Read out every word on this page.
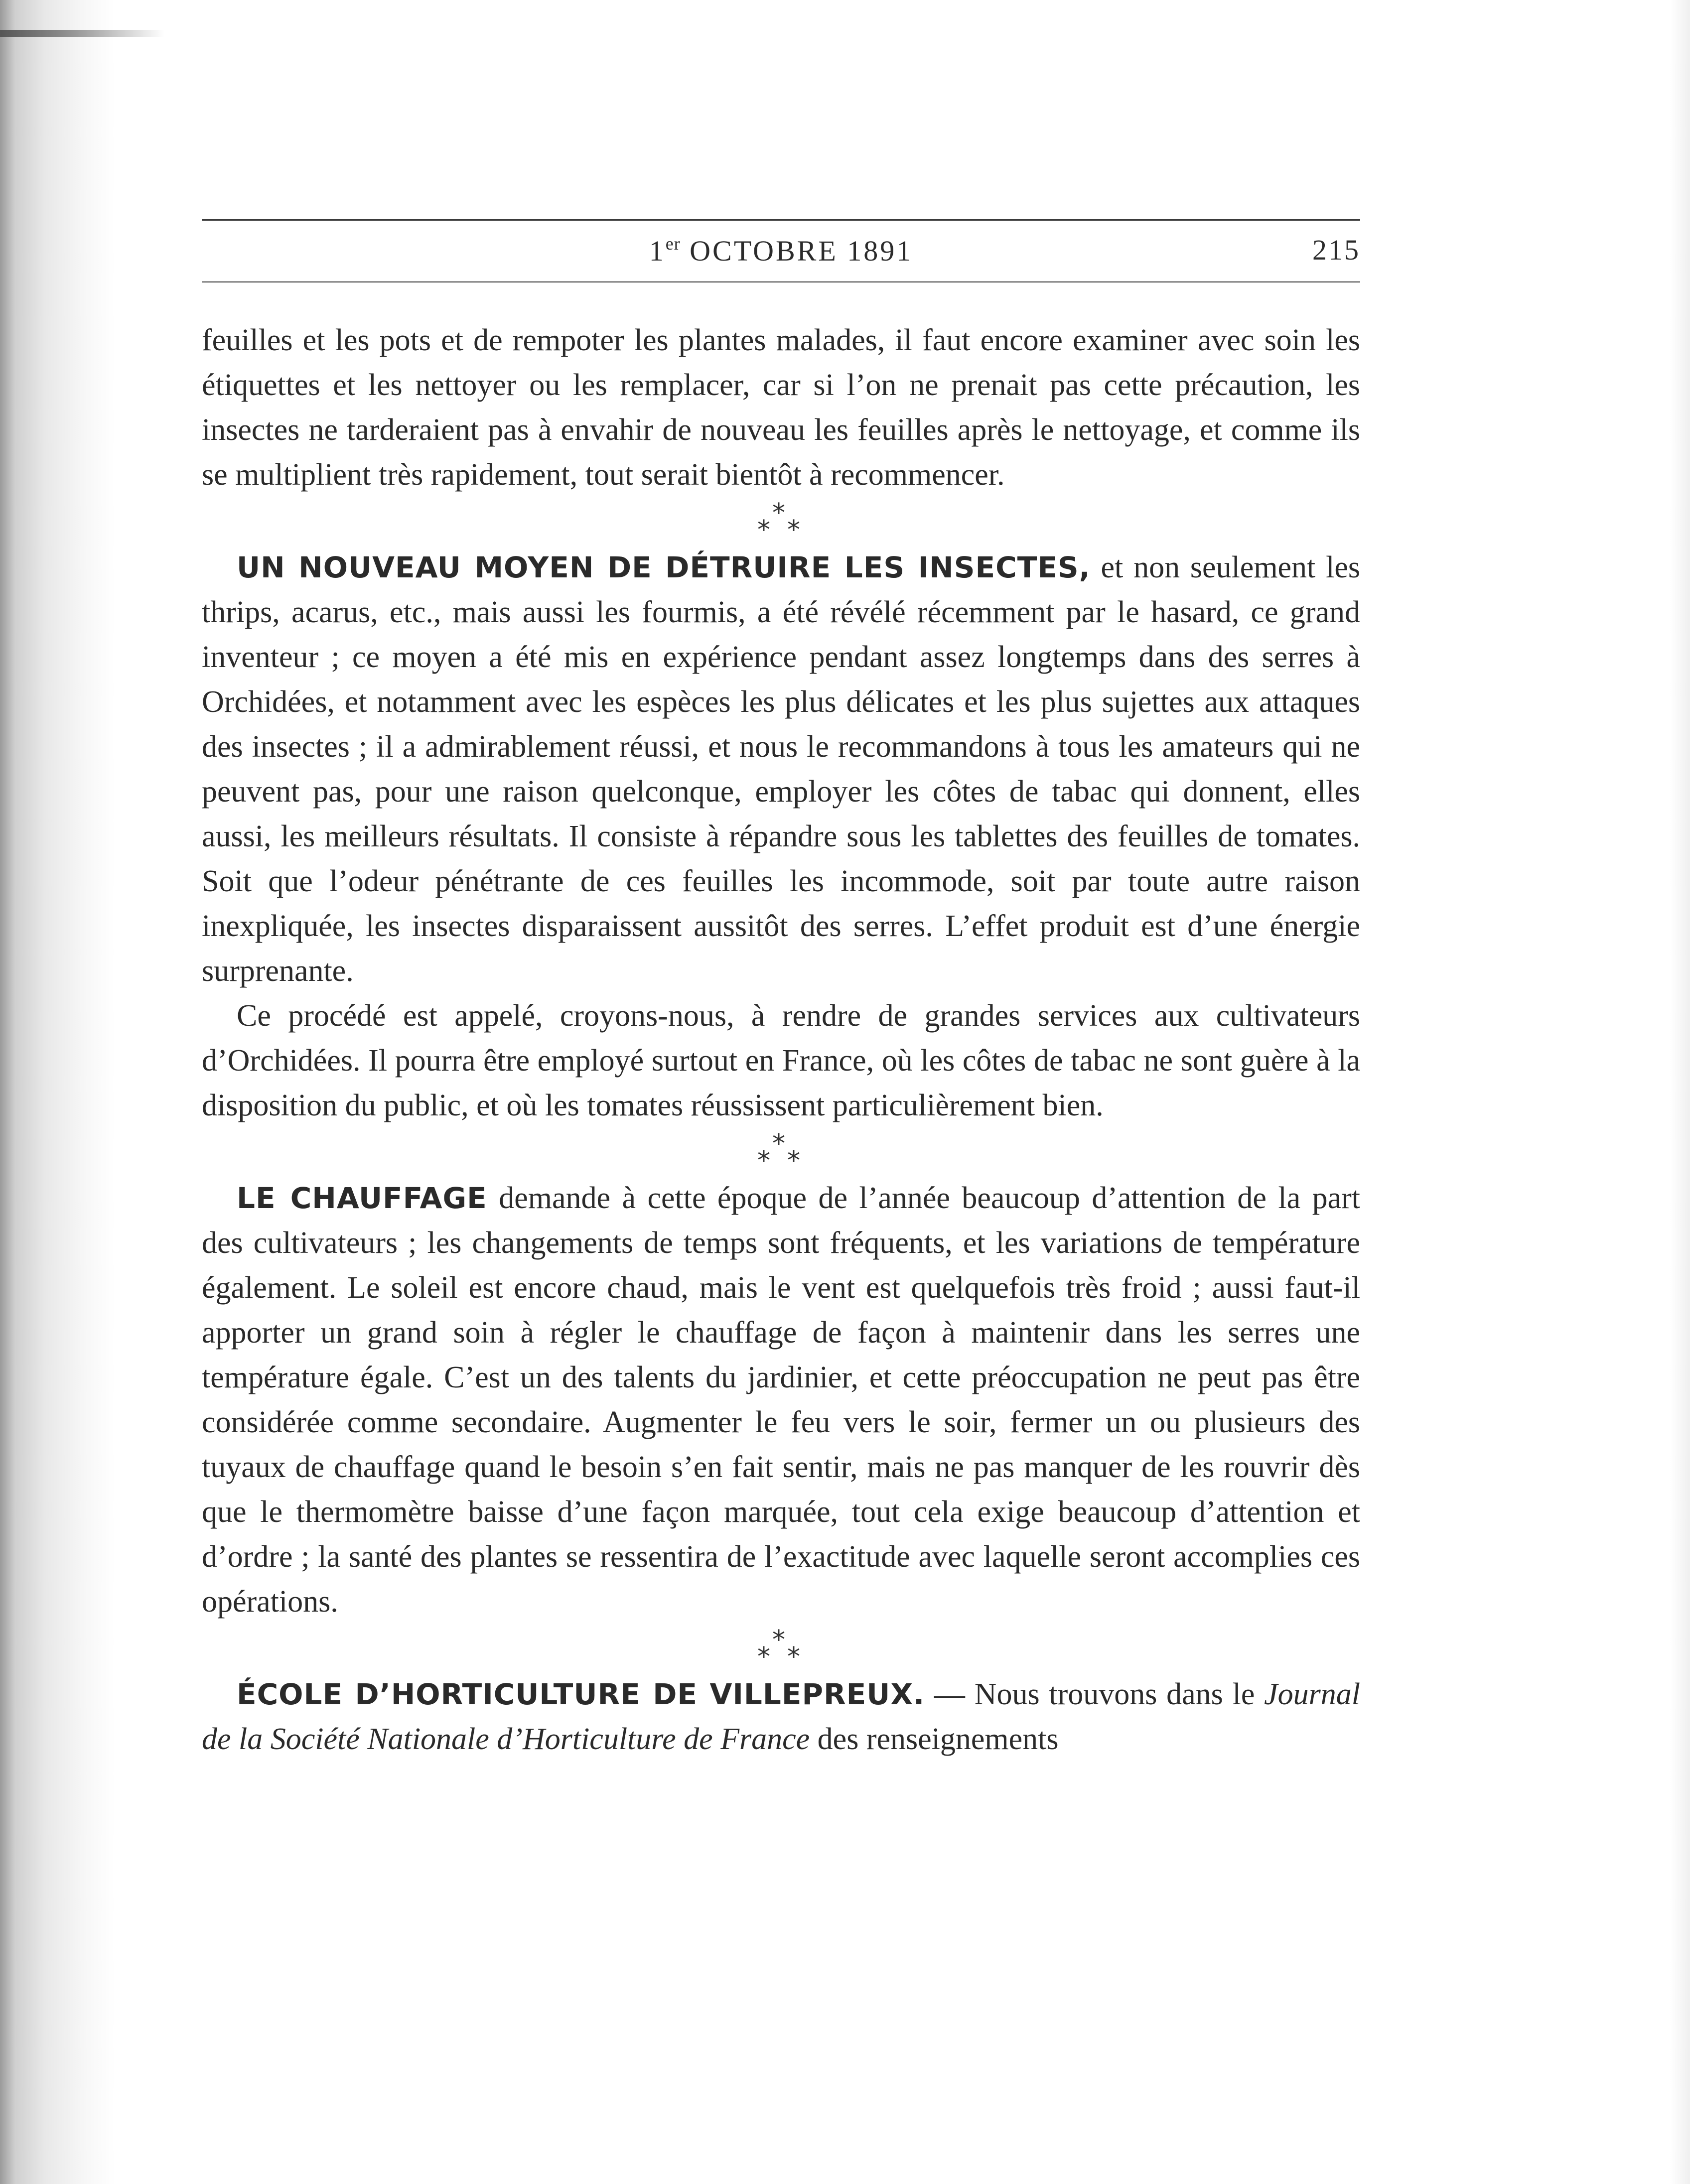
1er OCTOBRE 1891	215

feuilles et les pots et de rempoter les plantes malades, il faut encore examiner avec soin les étiquettes et les nettoyer ou les remplacer, car si l’on ne prenait pas cette précaution, les insectes ne tarderaient pas à envahir de nouveau les feuilles après le nettoyage, et comme ils se multiplient très rapidement, tout serait bientôt à recommencer.

*
* *

UN NOUVEAU MOYEN DE DÉTRUIRE LES INSECTES, et non seulement les thrips, acarus, etc., mais aussi les fourmis, a été révélé récemment par le hasard, ce grand inventeur ; ce moyen a été mis en expérience pendant assez longtemps dans des serres à Orchidées, et notamment avec les espèces les plus délicates et les plus sujettes aux attaques des insectes ; il a admirablement réussi, et nous le recommandons à tous les amateurs qui ne peuvent pas, pour une raison quelconque, employer les côtes de tabac qui donnent, elles aussi, les meilleurs résultats. Il consiste à répandre sous les tablettes des feuilles de tomates. Soit que l’odeur pénétrante de ces feuilles les incommode, soit par toute autre raison inexpliquée, les insectes disparaissent aussitôt des serres. L’effet produit est d’une énergie surprenante.

Ce procédé est appelé, croyons-nous, à rendre de grandes services aux cultivateurs d’Orchidées. Il pourra être employé surtout en France, où les côtes de tabac ne sont guère à la disposition du public, et où les tomates réussissent particulièrement bien.

*
* *

LE CHAUFFAGE demande à cette époque de l’année beaucoup d’attention de la part des cultivateurs ; les changements de temps sont fréquents, et les variations de température également. Le soleil est encore chaud, mais le vent est quelquefois très froid ; aussi faut-il apporter un grand soin à régler le chauffage de façon à maintenir dans les serres une température égale. C’est un des talents du jardinier, et cette préoccupation ne peut pas être considérée comme secondaire. Augmenter le feu vers le soir, fermer un ou plusieurs des tuyaux de chauffage quand le besoin s’en fait sentir, mais ne pas manquer de les rouvrir dès que le thermomètre baisse d’une façon marquée, tout cela exige beaucoup d’attention et d’ordre ; la santé des plantes se ressentira de l’exactitude avec laquelle seront accomplies ces opérations.

*
* *

ÉCOLE D’HORTICULTURE DE VILLEPREUX. — Nous trouvons dans le Journal de la Société Nationale d’Horticulture de France des renseignements
